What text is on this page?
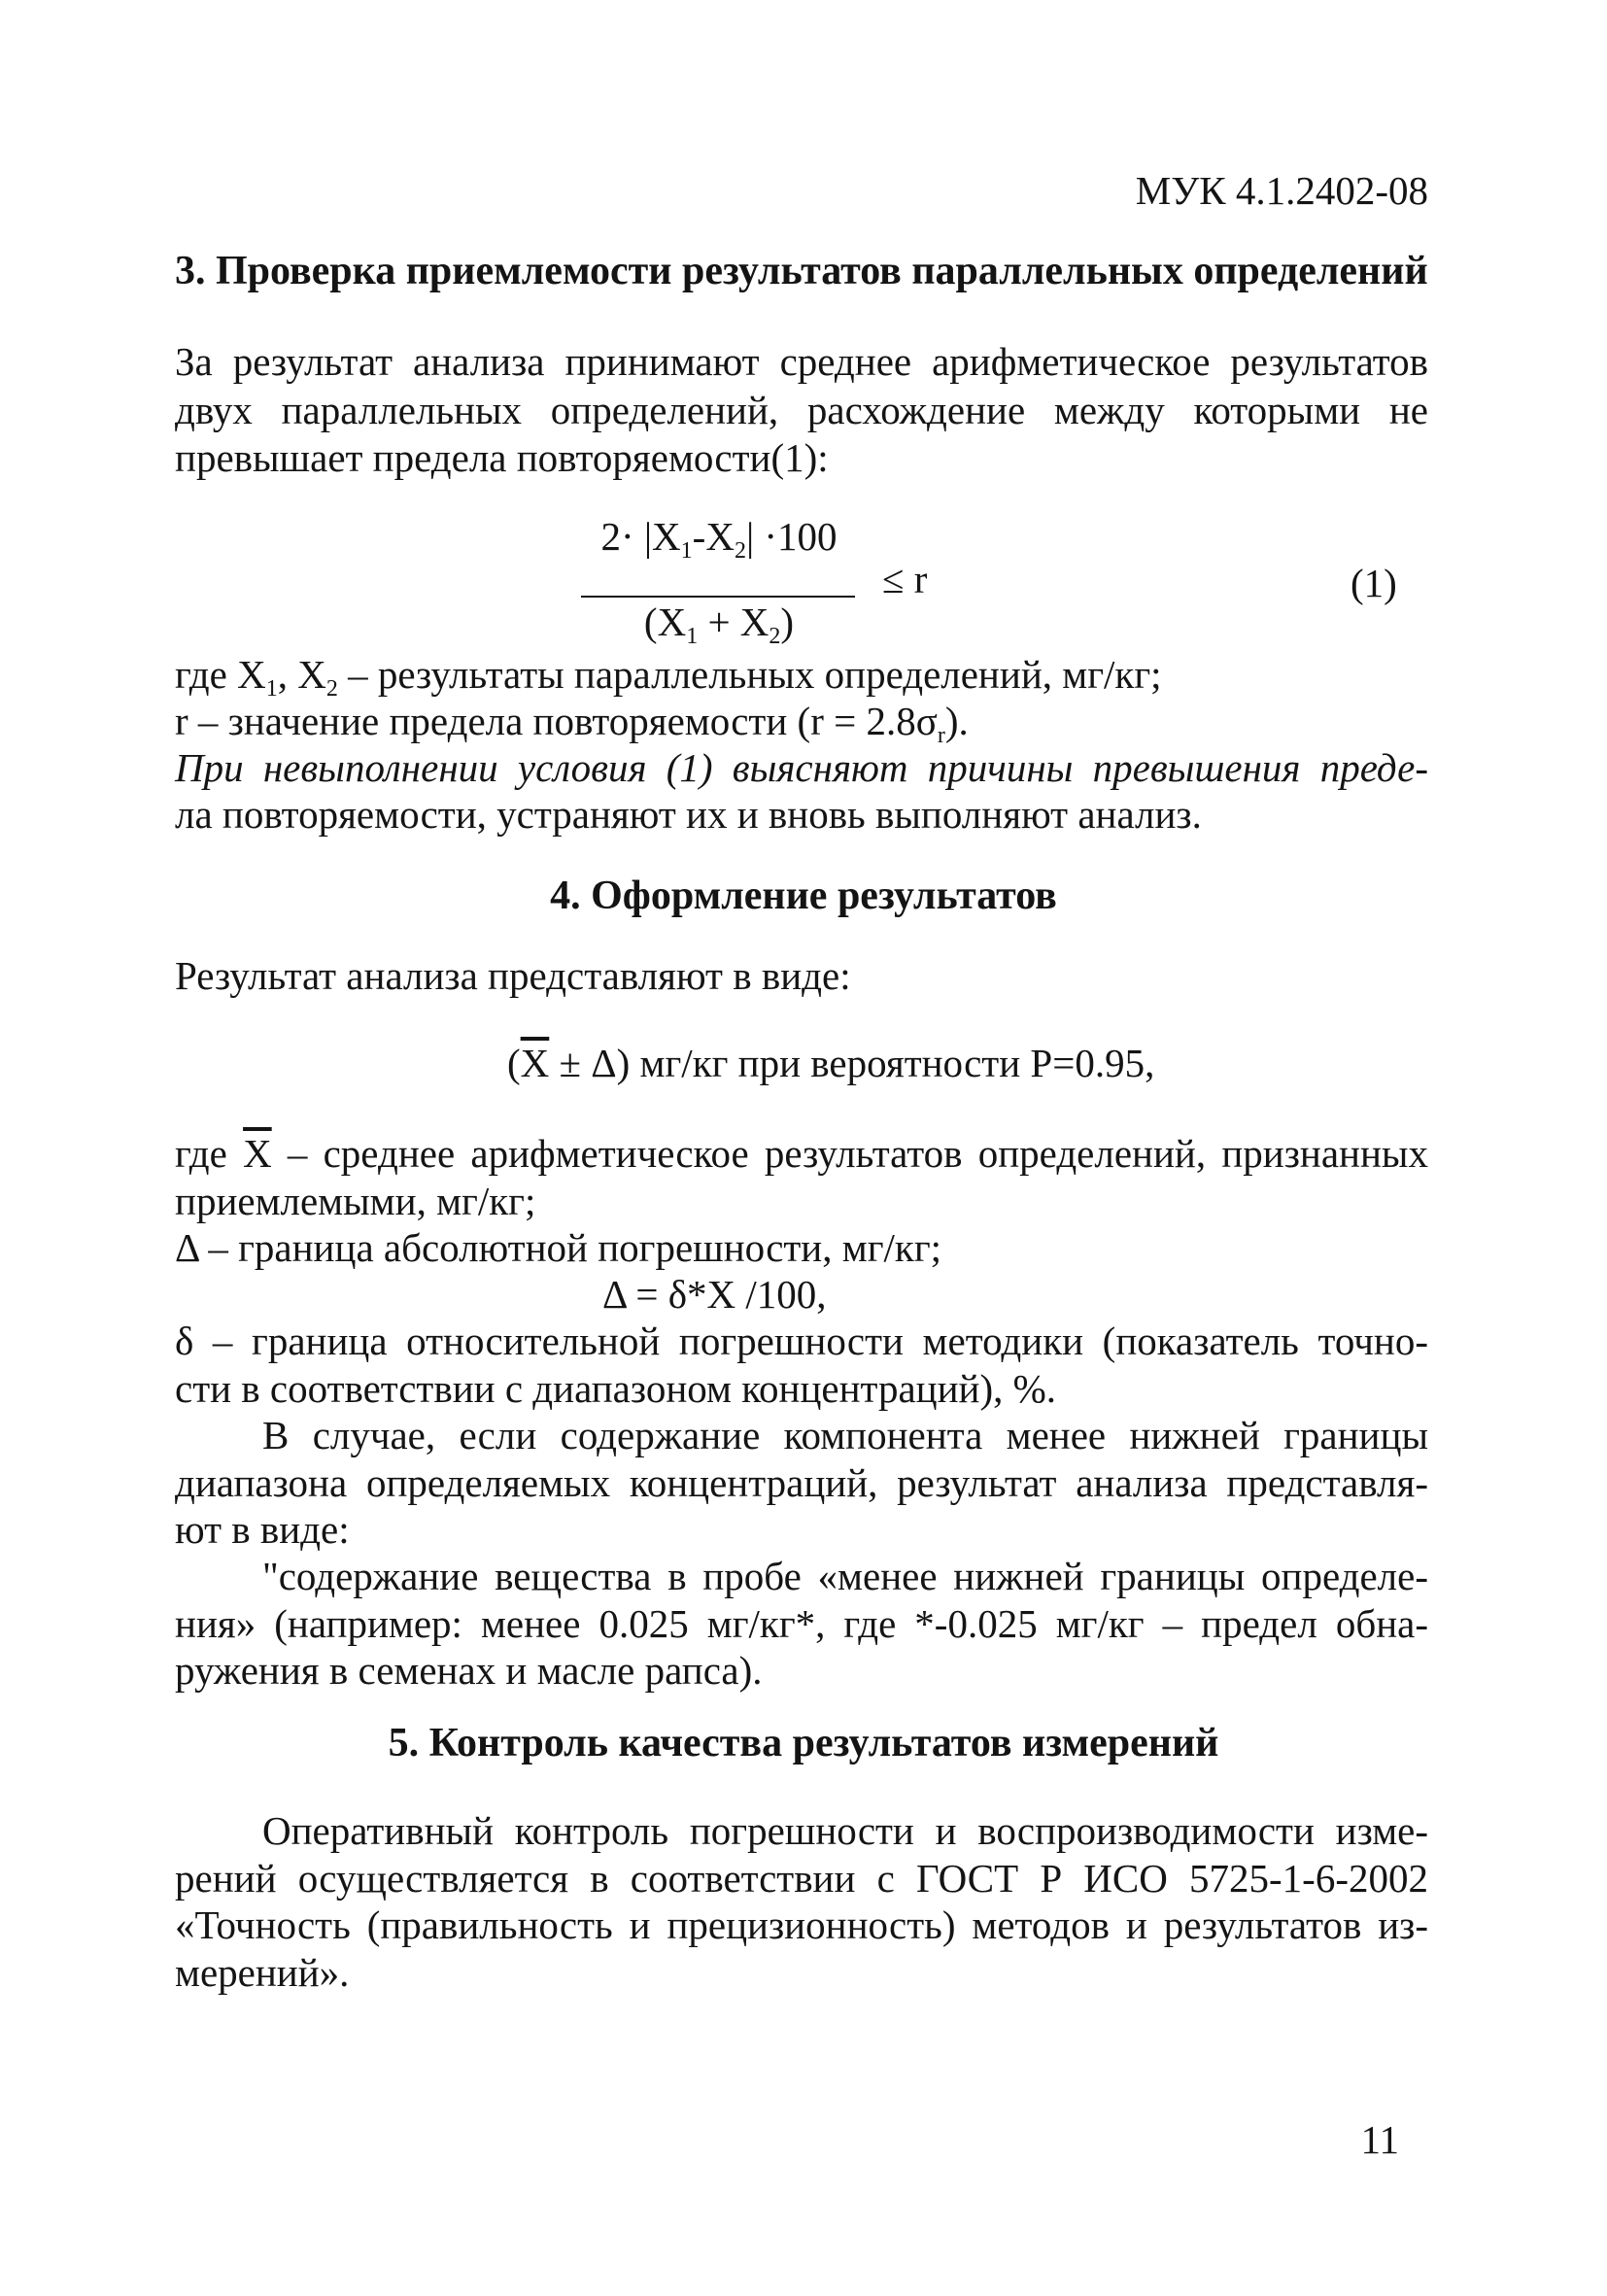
МУК 4.1.2402-08
3. Проверка приемлемости результатов параллельных определений
За результат анализа принимают среднее арифметическое результатов
двух параллельных определений, расхождение между которыми не
превышает предела повторяемости(1):
$2\cdot |X_1-X_2| \cdot 100$
$(X_1 + X_2)$
≤ r	(1)
где $X_1$, $X_2$ – результаты параллельных определений, мг/кг;
r – значение предела повторяемости $(r = 2.8\sigma_r)$.
При невыполнении условия (1) выясняют причины превышения преде-
ла повторяемости, устраняют их и вновь выполняют анализ.
4. Оформление результатов
Результат анализа представляют в виде:
$(\overline{X} \pm \Delta)$ мг/кг при вероятности Р=0.95,
где $\overline{X}$ – среднее арифметическое результатов определений, признанных
приемлемыми, мг/кг;
Δ – граница абсолютной погрешности, мг/кг;
Δ = δ*X /100,
δ – граница относительной погрешности методики (показатель точно-
сти в соответствии с диапазоном концентраций), %.
В случае, если содержание компонента менее нижней границы
диапазона определяемых концентраций, результат анализа представля-
ют в виде:
"содержание вещества в пробе «менее нижней границы определе-
ния» (например: менее 0.025 мг/кг*, где *-0.025 мг/кг – предел обна-
ружения в семенах и масле рапса).
5. Контроль качества результатов измерений
Оперативный контроль погрешности и воспроизводимости изме-
рений осуществляется в соответствии с ГОСТ Р ИСО 5725-1-6-2002
«Точность (правильность и прецизионность) методов и результатов из-
мерений».
11
